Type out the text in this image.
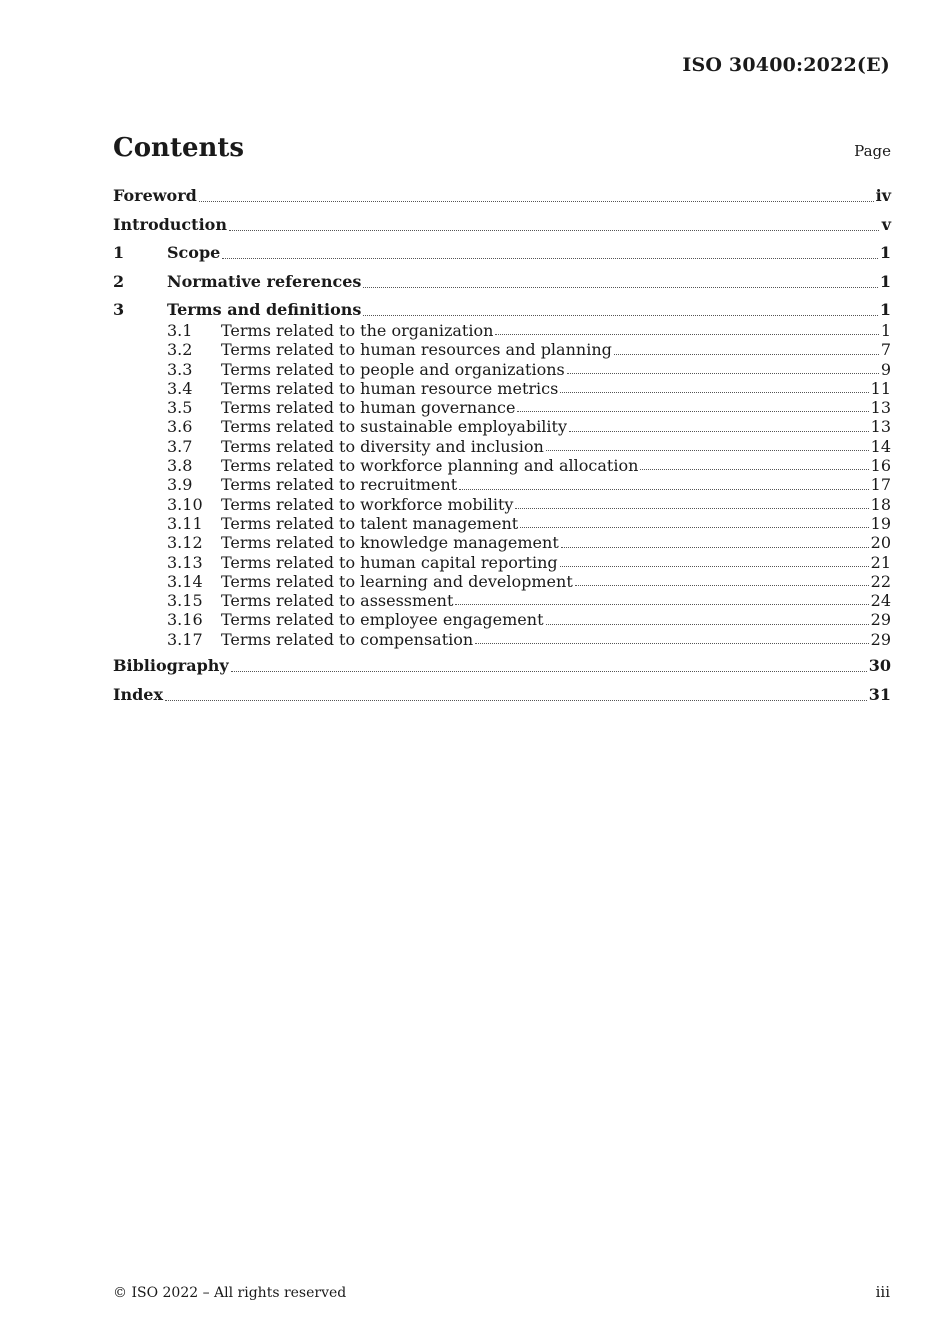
ISO 30400:2022(E)
Contents	Page
Foreword	iv
Introduction	v
1	Scope	1
2	Normative references	1
3	Terms and definitions	1
3.1	Terms related to the organization	1
3.2	Terms related to human resources and planning	7
3.3	Terms related to people and organizations	9
3.4	Terms related to human resource metrics	11
3.5	Terms related to human governance	13
3.6	Terms related to sustainable employability	13
3.7	Terms related to diversity and inclusion	14
3.8	Terms related to workforce planning and allocation	16
3.9	Terms related to recruitment	17
3.10	Terms related to workforce mobility	18
3.11	Terms related to talent management	19
3.12	Terms related to knowledge management	20
3.13	Terms related to human capital reporting	21
3.14	Terms related to learning and development	22
3.15	Terms related to assessment	24
3.16	Terms related to employee engagement	29
3.17	Terms related to compensation	29
Bibliography	30
Index	31
© ISO 2022 – All rights reserved	iii
